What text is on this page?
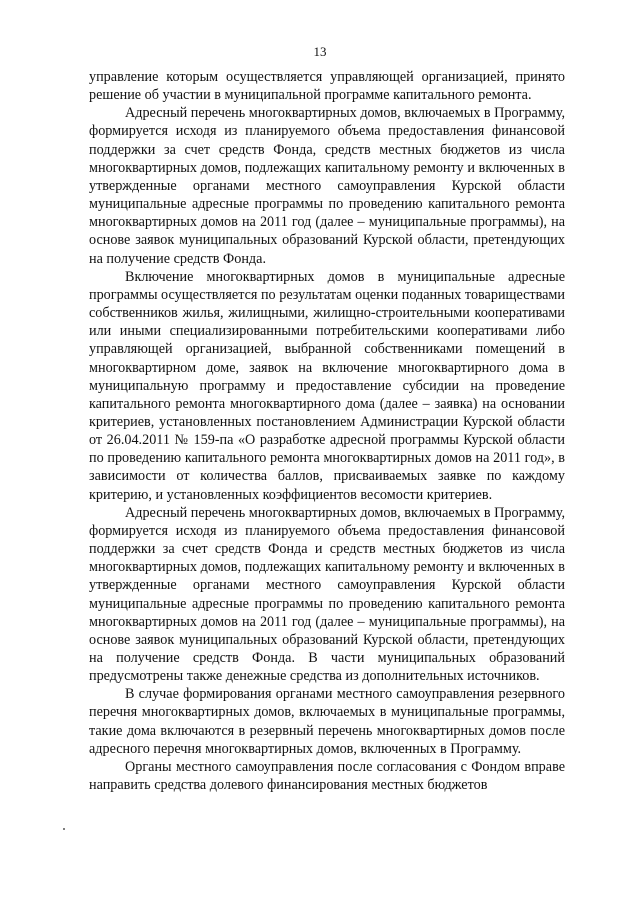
13

управление которым осуществляется управляющей организацией, принято решение об участии в муниципальной программе капитального ремонта.

Адресный перечень многоквартирных домов, включаемых в Программу, формируется исходя из планируемого объема предоставления финансовой поддержки за счет средств Фонда, средств местных бюджетов из числа многоквартирных домов, подлежащих капитальному ремонту и включенных в утвержденные органами местного самоуправления Курской области муниципальные адресные программы по проведению капитального ремонта многоквартирных домов на 2011 год (далее – муниципальные программы), на основе заявок муниципальных образований Курской области, претендующих на получение средств Фонда.

Включение многоквартирных домов в муниципальные адресные программы осуществляется по результатам оценки поданных товариществами собственников жилья, жилищными, жилищно-строительными кооперативами или иными специализированными потребительскими кооперативами либо управляющей организацией, выбранной собственниками помещений в многоквартирном доме, заявок на включение многоквартирного дома в муниципальную программу и предоставление субсидии на проведение капитального ремонта многоквартирного дома (далее – заявка) на основании критериев, установленных постановлением Администрации Курской области от 26.04.2011 № 159-па «О разработке адресной программы Курской области по проведению капитального ремонта многоквартирных домов на 2011 год», в зависимости от количества баллов, присваиваемых заявке по каждому критерию, и установленных коэффициентов весомости критериев.

Адресный перечень многоквартирных домов, включаемых в Программу, формируется исходя из планируемого объема предоставления финансовой поддержки за счет средств Фонда и средств местных бюджетов из числа многоквартирных домов, подлежащих капитальному ремонту и включенных в утвержденные органами местного самоуправления Курской области муниципальные адресные программы по проведению капитального ремонта многоквартирных домов на 2011 год (далее – муниципальные программы), на основе заявок муниципальных образований Курской области, претендующих на получение средств Фонда. В части муниципальных образований предусмотрены также денежные средства из дополнительных источников.

В случае формирования органами местного самоуправления резервного перечня многоквартирных домов, включаемых в муниципальные программы, такие дома включаются в резервный перечень многоквартирных домов после адресного перечня многоквартирных домов, включенных в Программу.

Органы местного самоуправления после согласования с Фондом вправе направить средства долевого финансирования местных бюджетов
